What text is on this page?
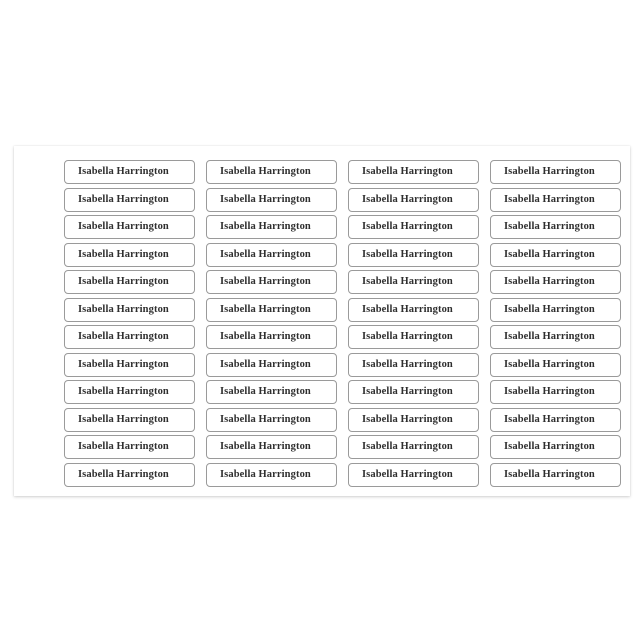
Isabella Harrington	Isabella Harrington	Isabella Harrington	Isabella Harrington
Isabella Harrington	Isabella Harrington	Isabella Harrington	Isabella Harrington
Isabella Harrington	Isabella Harrington	Isabella Harrington	Isabella Harrington
Isabella Harrington	Isabella Harrington	Isabella Harrington	Isabella Harrington
Isabella Harrington	Isabella Harrington	Isabella Harrington	Isabella Harrington
Isabella Harrington	Isabella Harrington	Isabella Harrington	Isabella Harrington
Isabella Harrington	Isabella Harrington	Isabella Harrington	Isabella Harrington
Isabella Harrington	Isabella Harrington	Isabella Harrington	Isabella Harrington
Isabella Harrington	Isabella Harrington	Isabella Harrington	Isabella Harrington
Isabella Harrington	Isabella Harrington	Isabella Harrington	Isabella Harrington
Isabella Harrington	Isabella Harrington	Isabella Harrington	Isabella Harrington
Isabella Harrington	Isabella Harrington	Isabella Harrington	Isabella Harrington
